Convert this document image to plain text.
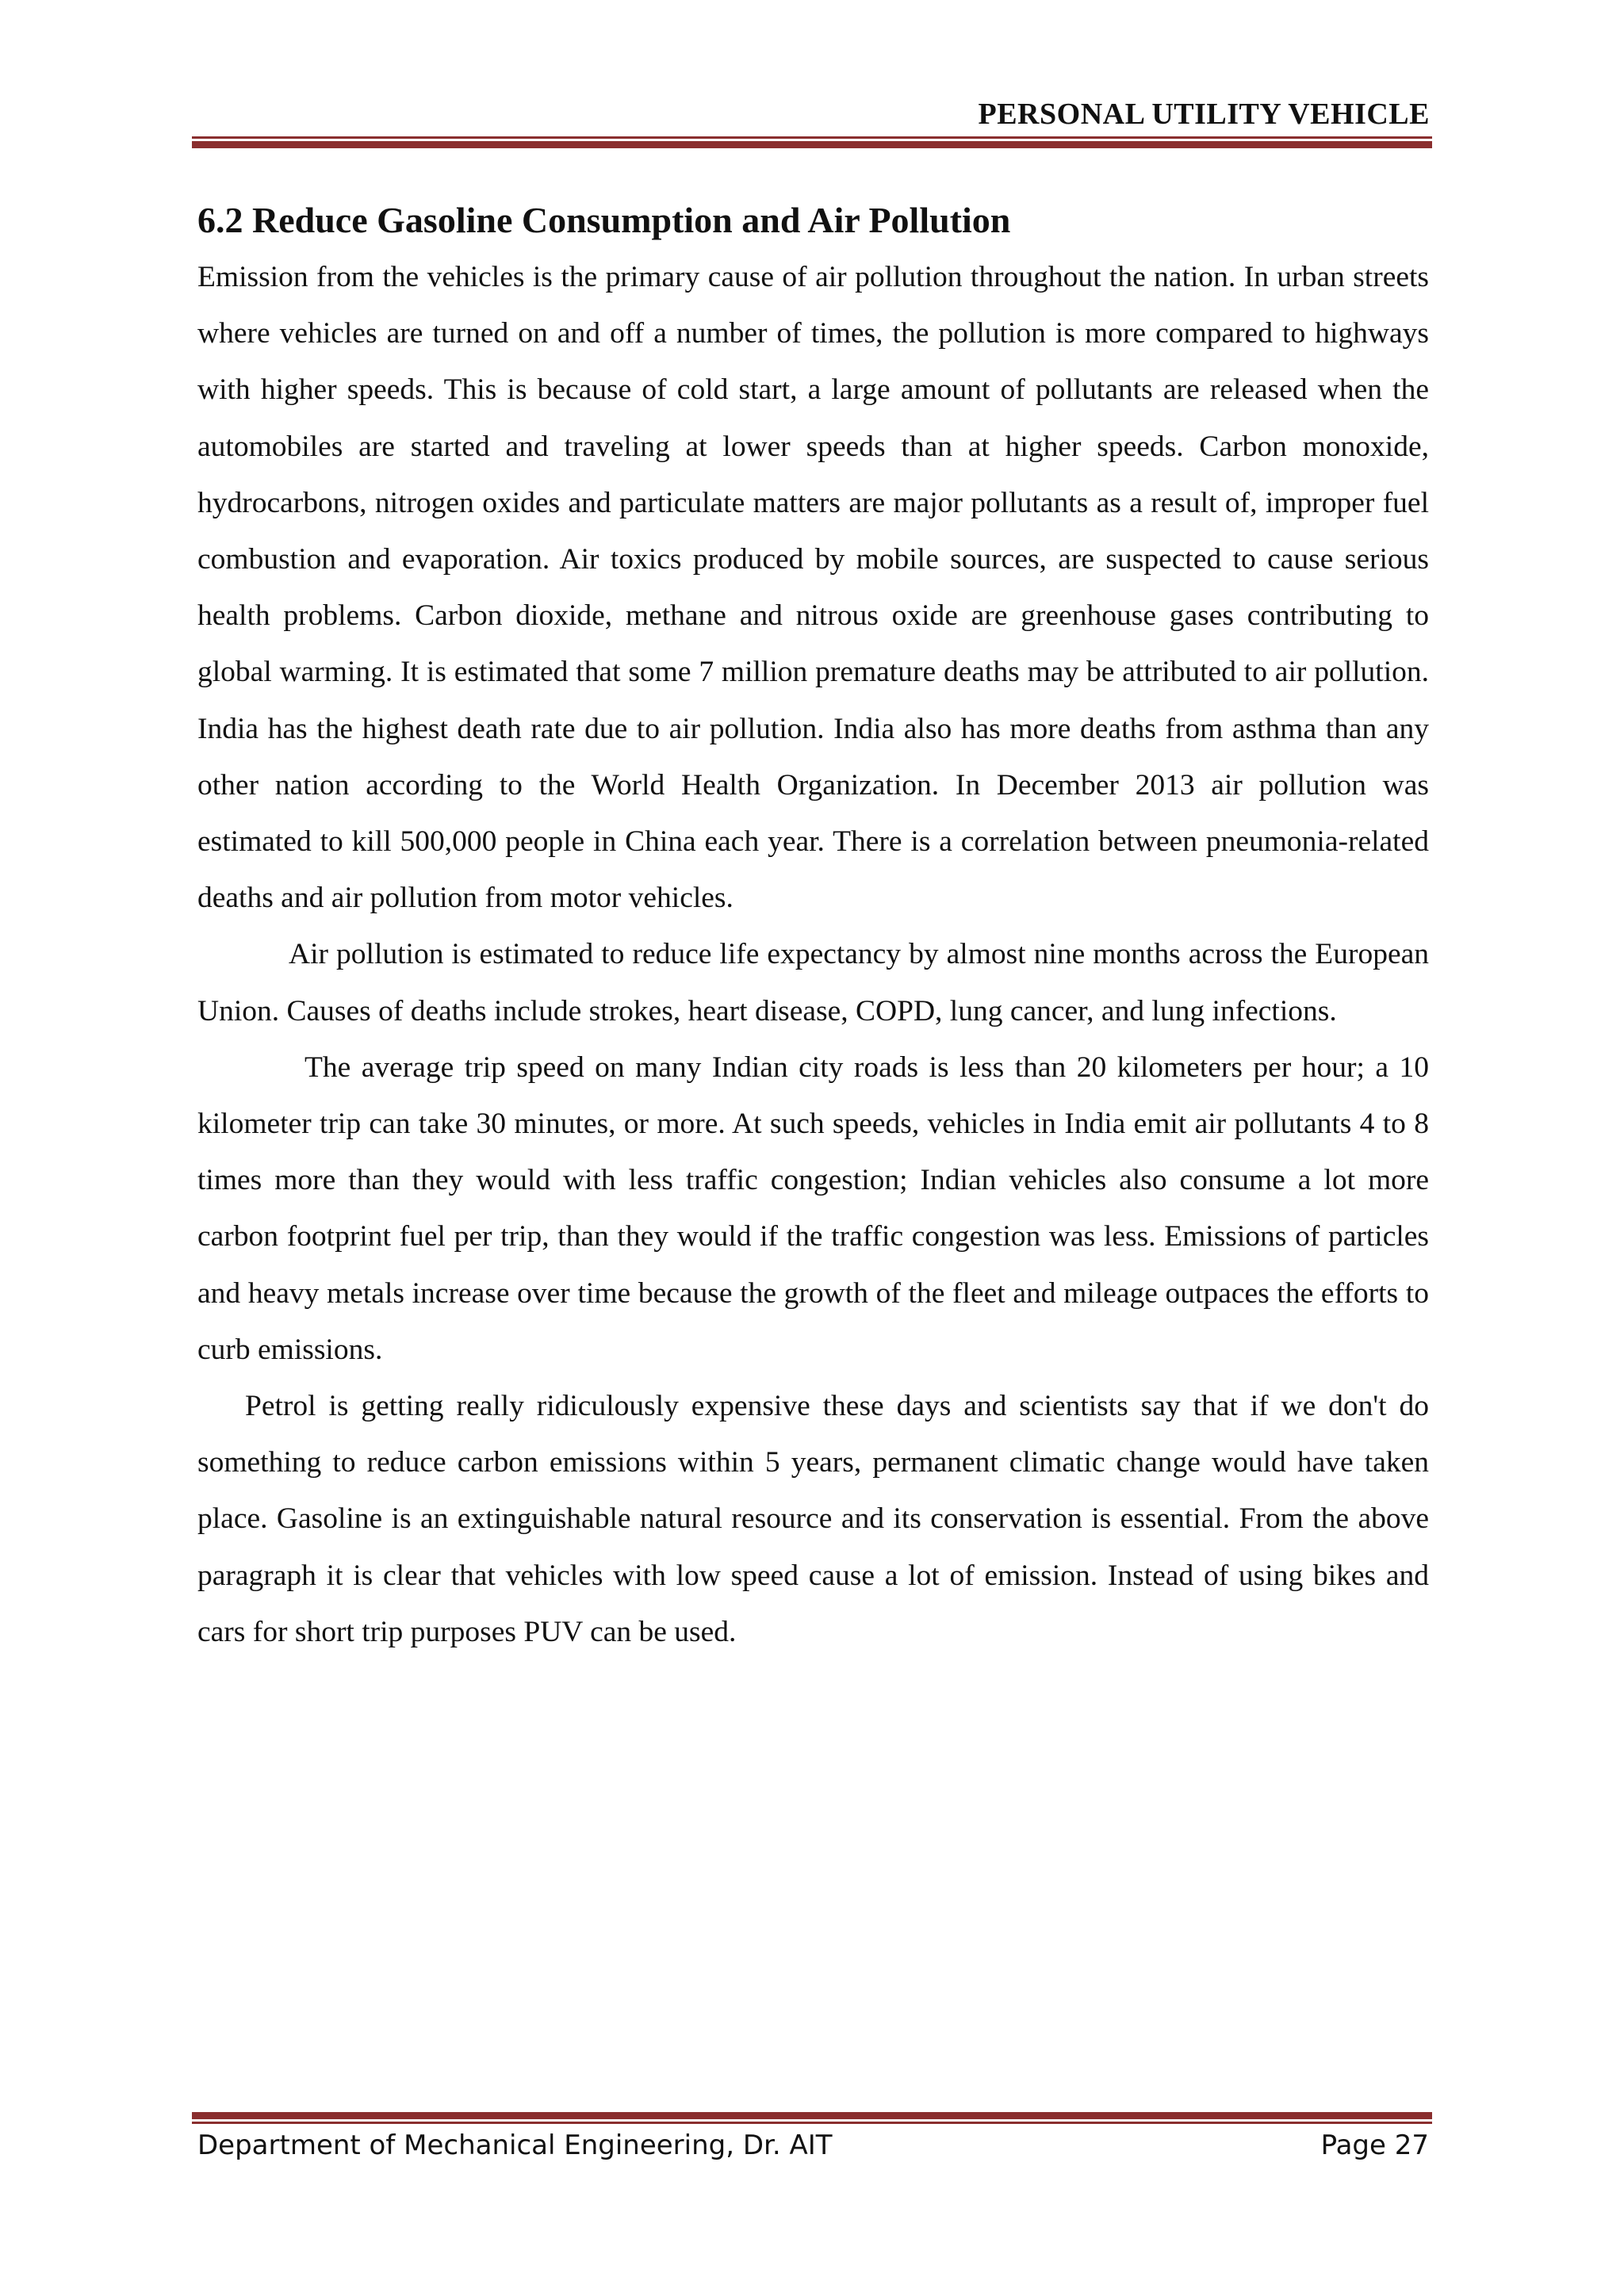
PERSONAL UTILITY VEHICLE
6.2 Reduce Gasoline Consumption and Air Pollution

Emission from the vehicles is the primary cause of air pollution throughout the nation. In urban streets where vehicles are turned on and off a number of times, the pollution is more compared to highways with higher speeds. This is because of cold start, a large amount of pollutants are released when the automobiles are started and traveling at lower speeds than at higher speeds. Carbon monoxide, hydrocarbons, nitrogen oxides and particulate matters are major pollutants as a result of, improper fuel combustion and evaporation. Air toxics produced by mobile sources, are suspected to cause serious health problems. Carbon dioxide, methane and nitrous oxide are greenhouse gases contributing to global warming. It is estimated that some 7 million premature deaths may be attributed to air pollution. India has the highest death rate due to air pollution. India also has more deaths from asthma than any other nation according to the World Health Organization. In December 2013 air pollution was estimated to kill 500,000 people in China each year. There is a correlation between pneumonia-related deaths and air pollution from motor vehicles.

Air pollution is estimated to reduce life expectancy by almost nine months across the European Union. Causes of deaths include strokes, heart disease, COPD, lung cancer, and lung infections.

The average trip speed on many Indian city roads is less than 20 kilometers per hour; a 10 kilometer trip can take 30 minutes, or more. At such speeds, vehicles in India emit air pollutants 4 to 8 times more than they would with less traffic congestion; Indian vehicles also consume a lot more carbon footprint fuel per trip, than they would if the traffic congestion was less. Emissions of particles and heavy metals increase over time because the growth of the fleet and mileage outpaces the efforts to curb emissions.

Petrol is getting really ridiculously expensive these days and scientists say that if we don't do something to reduce carbon emissions within 5 years, permanent climatic change would have taken place. Gasoline is an extinguishable natural resource and its conservation is essential. From the above paragraph it is clear that vehicles with low speed cause a lot of emission. Instead of using bikes and cars for short trip purposes PUV can be used.

Department of Mechanical Engineering, Dr. AIT	Page 27
